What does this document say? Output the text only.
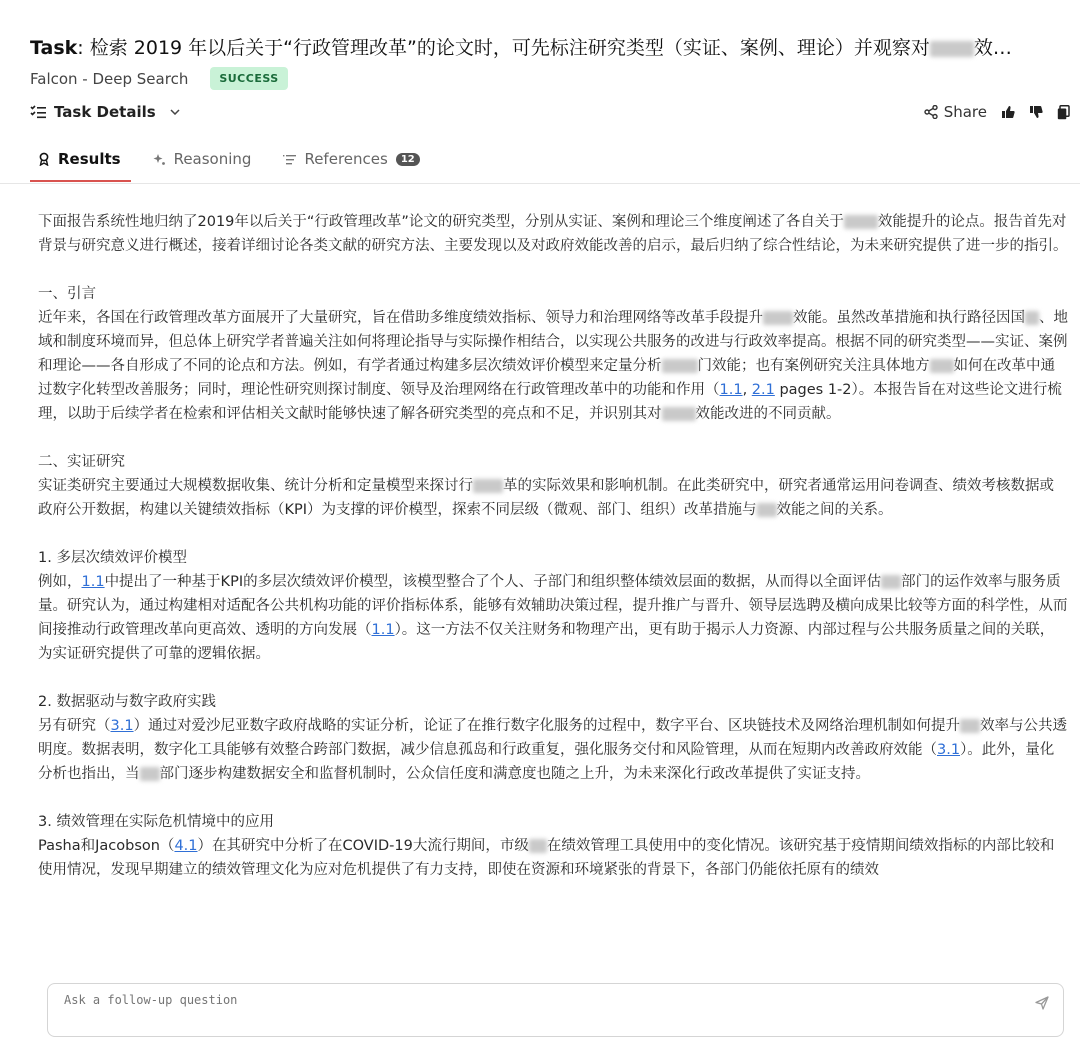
Task: 检索 2019 年以后关于“行政管理改革”的论文时，可先标注研究类型（实证、案例、理论）并观察对 效…
Falcon - Deep Search	SUCCESS
Task Details	Share
Results	Reasoning	References	12

下面报告系统性地归纳了2019年以后关于“行政管理改革”论文的研究类型，分别从实证、案例和理论三个维度阐述了各自关于 效能提升的论点。报告首先对背景与研究意义进行概述，接着详细讨论各类文献的研究方法、主要发现以及对政府效能改善的启示，最后归纳了综合性结论，为未来研究提供了进一步的指引。

一、引言

近年来，各国在行政管理改革方面展开了大量研究，旨在借助多维度绩效指标、领导力和治理网络等改革手段提升 效能。虽然改革措施和执行路径因国 、地域和制度环境而异，但总体上研究学者普遍关注如何将理论指导与实际操作相结合，以实现公共服务的改进与行政效率提高。根据不同的研究类型——实证、案例和理论——各自形成了不同的论点和方法。例如，有学者通过构建多层次绩效评价模型来定量分析 门效能；也有案例研究关注具体地方 如何在改革中通过数字化转型改善服务；同时，理论性研究则探讨制度、领导及治理网络在行政管理改革中的功能和作用（1.1, 2.1 pages 1-2）。本报告旨在对这些论文进行梳理，以助于后续学者在检索和评估相关文献时能够快速了解各研究类型的亮点和不足，并识别其对 效能改进的不同贡献。

二、实证研究

实证类研究主要通过大规模数据收集、统计分析和定量模型来探讨行 革的实际效果和影响机制。在此类研究中，研究者通常运用问卷调查、绩效考核数据或政府公开数据，构建以关键绩效指标（KPI）为支撑的评价模型，探索不同层级（微观、部门、组织）改革措施与 效能之间的关系。

1. 多层次绩效评价模型

例如，1.1中提出了一种基于KPI的多层次绩效评价模型，该模型整合了个人、子部门和组织整体绩效层面的数据，从而得以全面评估 部门的运作效率与服务质量。研究认为，通过构建相对适配各公共机构功能的评价指标体系，能够有效辅助决策过程，提升推广与晋升、领导层选聘及横向成果比较等方面的科学性，从而间接推动行政管理改革向更高效、透明的方向发展（1.1）。这一方法不仅关注财务和物理产出，更有助于揭示人力资源、内部过程与公共服务质量之间的关联，为实证研究提供了可靠的逻辑依据。

2. 数据驱动与数字政府实践

另有研究（3.1）通过对爱沙尼亚数字政府战略的实证分析，论证了在推行数字化服务的过程中，数字平台、区块链技术及网络治理机制如何提升 效率与公共透明度。数据表明，数字化工具能够有效整合跨部门数据，减少信息孤岛和行政重复，强化服务交付和风险管理，从而在短期内改善政府效能（3.1）。此外，量化分析也指出，当 部门逐步构建数据安全和监督机制时，公众信任度和满意度也随之上升，为未来深化行政改革提供了实证支持。

3. 绩效管理在实际危机情境中的应用

Pasha和Jacobson（4.1）在其研究中分析了在COVID-19大流行期间，市级 在绩效管理工具使用中的变化情况。该研究基于疫情期间绩效指标的内部比较和使用情况，发现早期建立的绩效管理文化为应对危机提供了有力支持，即使在资源和环境紧张的背景下，各部门仍能依托原有的绩效

Ask a follow-up question
